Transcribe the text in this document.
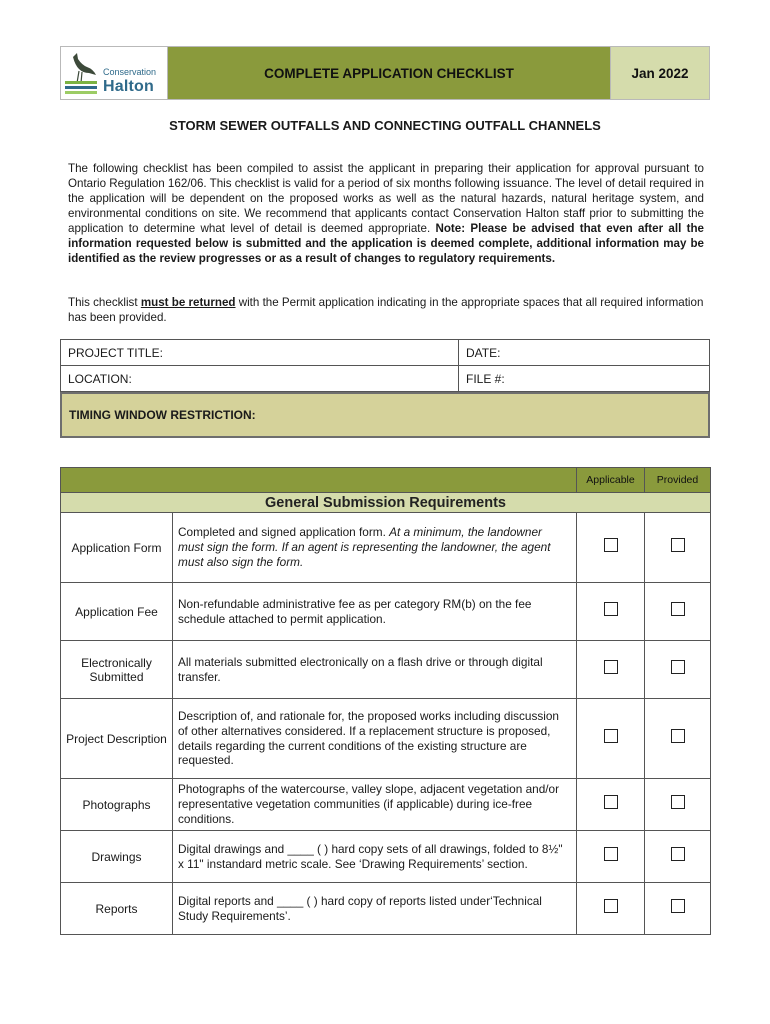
Conservation
Halton
COMPLETE APPLICATION CHECKLIST	Jan 2022
STORM SEWER OUTFALLS AND CONNECTING OUTFALL CHANNELS
The following checklist has been compiled to assist the applicant in preparing their application for approval pursuant to Ontario Regulation 162/06. This checklist is valid for a period of six months following issuance. The level of detail required in the application will be dependent on the proposed works as well as the natural hazards, natural heritage system, and environmental conditions on site. We recommend that applicants contact Conservation Halton staff prior to submitting the application to determine what level of detail is deemed appropriate. Note: Please be advised that even after all the information requested below is submitted and the application is deemed complete, additional information may be identified as the review progresses or as a result of changes to regulatory requirements.
This checklist must be returned with the Permit application indicating in the appropriate spaces that all required information has been provided.
PROJECT TITLE:	DATE:
LOCATION:	FILE #:
TIMING WINDOW RESTRICTION:
		Applicable	Provided
General Submission Requirements			
Application Form	Completed and signed application form. At a minimum, the landowner must sign the form. If an agent is representing the landowner, the agent must also sign the form.		
Application Fee	Non-refundable administrative fee as per category RM(b) on the fee schedule attached to permit application.		
Electronically Submitted	All materials submitted electronically on a flash drive or through digital transfer.		
Project Description	Description of, and rationale for, the proposed works including discussion of other alternatives considered. If a replacement structure is proposed, details regarding the current conditions of the existing structure are requested.		
Photographs	Photographs of the watercourse, valley slope, adjacent vegetation and/or representative vegetation communities (if applicable) during ice-free conditions.		
Drawings	Digital drawings and ____ ( ) hard copy sets of all drawings, folded to 8½" x 11" instandard metric scale. See ‘Drawing Requirements’ section.		
Reports	Digital reports and ____ ( ) hard copy of reports listed under‘Technical Study Requirements’.		
